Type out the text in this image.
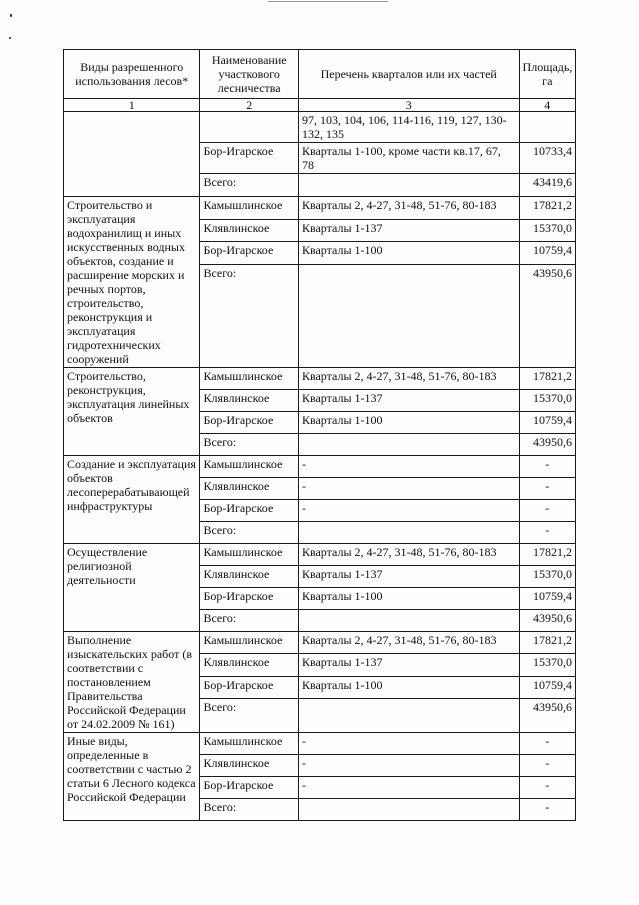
Виды разрешенного использования лесов*	Наименование участкового лесничества	Перечень кварталов или их частей	Площадь, га
1	2	3	4
		97, 103, 104, 106, 114-116, 119, 127, 130-132, 135	
	Бор-Игарское	Кварталы 1-100, кроме части кв.17, 67, 78	10733,4
	Всего:		43419,6
Строительство и эксплуатация водохранилищ и иных искусственных водных объектов, создание и расширение морских и речных портов, строительство, реконструкция и эксплуатация гидротехнических сооружений	Камышлинское	Кварталы 2, 4-27, 31-48, 51-76, 80-183	17821,2
	Клявлинское	Кварталы 1-137	15370,0
	Бор-Игарское	Кварталы 1-100	10759,4
	Всего:		43950,6
Строительство, реконструкция, эксплуатация линейных объектов	Камышлинское	Кварталы 2, 4-27, 31-48, 51-76, 80-183	17821,2
	Клявлинское	Кварталы 1-137	15370,0
	Бор-Игарское	Кварталы 1-100	10759,4
	Всего:		43950,6
Создание и эксплуатация объектов лесоперерабатывающей инфраструктуры	Камышлинское	-	-
	Клявлинское	-	-
	Бор-Игарское	-	-
	Всего:		-
Осуществление религиозной деятельности	Камышлинское	Кварталы 2, 4-27, 31-48, 51-76, 80-183	17821,2
	Клявлинское	Кварталы 1-137	15370,0
	Бор-Игарское	Кварталы 1-100	10759,4
	Всего:		43950,6
Выполнение изыскательских работ (в соответствии с постановлением Правительства Российской Федерации от 24.02.2009 № 161)	Камышлинское	Кварталы 2, 4-27, 31-48, 51-76, 80-183	17821,2
	Клявлинское	Кварталы 1-137	15370,0
	Бор-Игарское	Кварталы 1-100	10759,4
	Всего:		43950,6
Иные виды, определенные в соответствии с частью 2 статьи 6 Лесного кодекса Российской Федерации	Камышлинское	-	-
	Клявлинское	-	-
	Бор-Игарское	-	-
	Всего:		-
